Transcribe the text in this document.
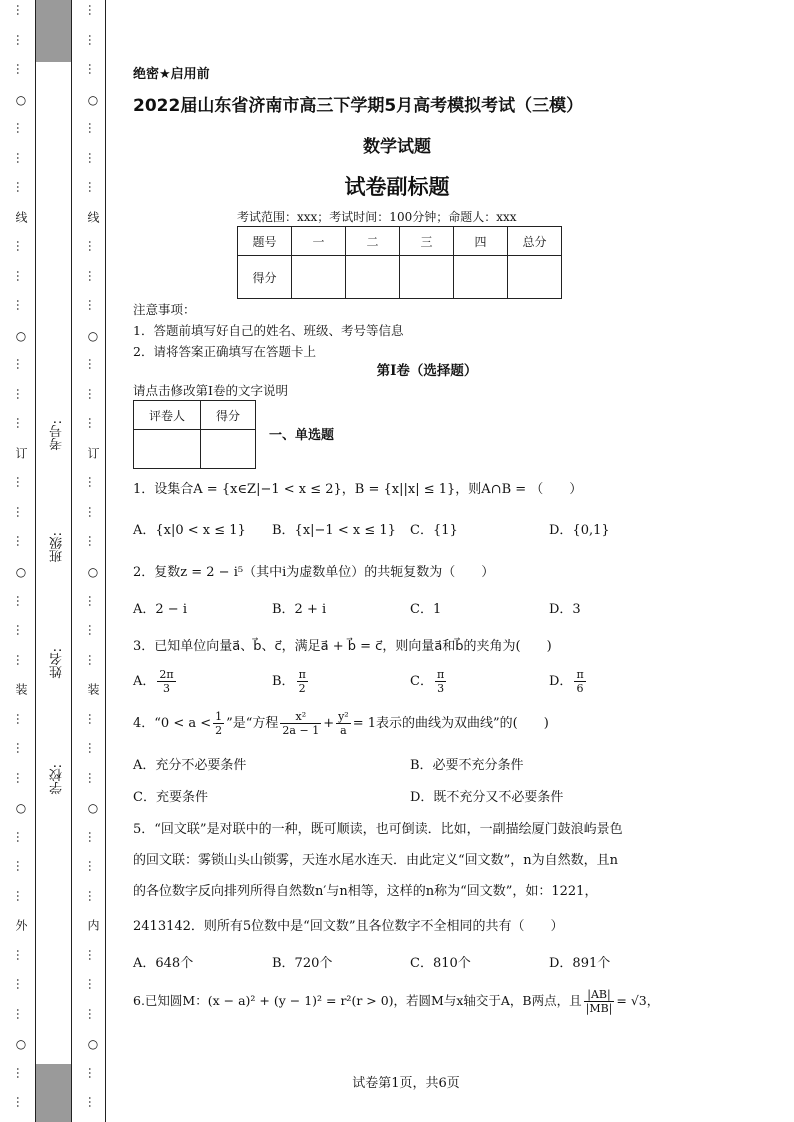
…
…
…
○
…
…
…
线
…
…
…
○
…
…
…
订
…
…
…
○
…
…
…
装
…
…
…
○
…
…
…
外
…
…
…
○
…
…
…
…
…
○
…
…
…
线
…
…
…
○
…
…
…
订
…
…
…
○
…
…
…
装
…
…
…
○
…
…
…
内
…
…
…
○
…
…
考号:
班级:
姓名:
学校:
绝密★启用前
2022届山东省济南市高三下学期5月高考模拟考试（三模）
数学试题
试卷副标题
考试范围：xxx；考试时间：100分钟；命题人：xxx
题号	一	二	三	四	总分
得分					
注意事项：
1．答题前填写好自己的姓名、班级、考号等信息
2．请将答案正确填写在答题卡上
第I卷（选择题）
请点击修改第I卷的文字说明
评卷人	得分

一、单选题
1．设集合A = {x∈Z|−1 < x ≤ 2}，B = {x||x| ≤ 1}，则A∩B = （　　）
A．{x|0 < x ≤ 1} B．{x|−1 < x ≤ 1} C．{1}	D．{0,1}
2．复数z = 2 − i⁵（其中i为虚数单位）的共轭复数为（　　）
A．2 − i	B．2 + i	C．1	D．3
3．已知单位向量a⃗、b⃗、c⃗，满足a⃗ + b⃗ = c⃗，则向量a⃗和b⃗的夹角为(　　)
A． $\frac{2\pi}{3}$	B． $\frac{\pi}{2}$	C． $\frac{\pi}{3}$	D． $\frac{\pi}{6}$
4．“$0 < a < \frac{1}{2}$ ”是“方程 $\frac{\text{x²}}{2a - 1} + \frac{\text{y²}}{a} = 1$表示的曲线为双曲线”的(　　)
A．充分不必要条件	B．必要不充分条件
C．充要条件	D．既不充分又不必要条件
5．“回文联”是对联中的一种，既可顺读，也可倒读．比如，一副描绘厦门鼓浪屿景色
的回文联：雾锁山头山锁雾，天连水尾水连天．由此定义“回文数”，n为自然数，且n
的各位数字反向排列所得自然数n′与n相等，这样的n称为“回文数”，如：1221，
2413142．则所有5位数中是“回文数”且各位数字不全相同的共有（　　）
A．648个	B．720个	C．810个	D．891个
6.已知圆M：(x − a)² + (y − 1)² = r²(r > 0)，若圆M与x轴交于A，B两点，且 $\frac{|AB|}{|MB|} = √3$，
试卷第1页，共6页
